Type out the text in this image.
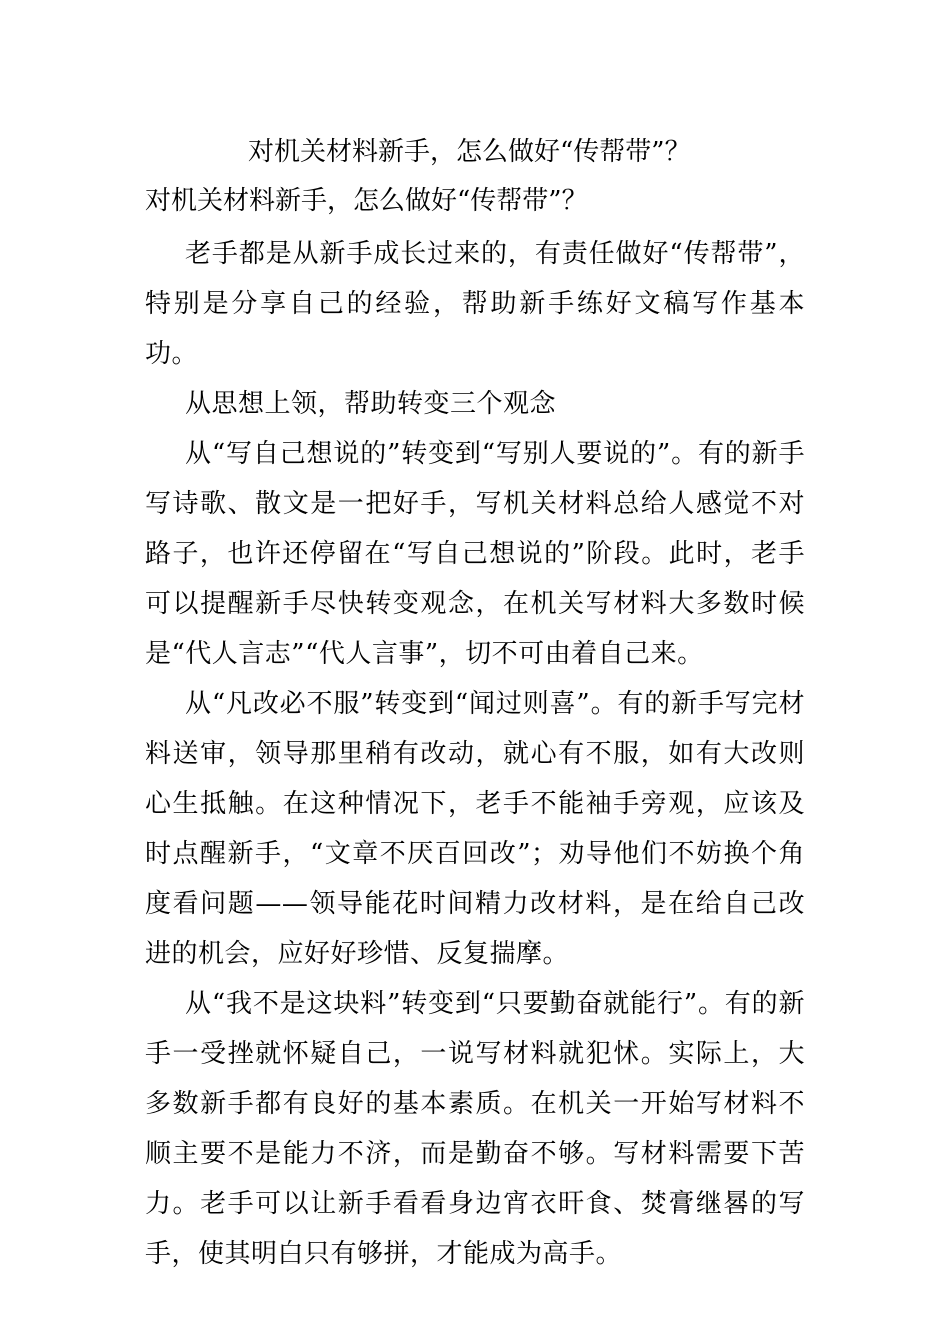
对机关材料新手，怎么做好“传帮带”？
对机关材料新手，怎么做好“传帮带”？

老手都是从新手成长过来的，有责任做好“传帮带”，特别是分享自己的经验，帮助新手练好文稿写作基本功。

从思想上领，帮助转变三个观念

从“写自己想说的”转变到“写别人要说的”。有的新手写诗歌、散文是一把好手，写机关材料总给人感觉不对路子，也许还停留在“写自己想说的”阶段。此时，老手可以提醒新手尽快转变观念，在机关写材料大多数时候是“代人言志”“代人言事”，切不可由着自己来。

从“凡改必不服”转变到“闻过则喜”。有的新手写完材料送审，领导那里稍有改动，就心有不服，如有大改则心生抵触。在这种情况下，老手不能袖手旁观，应该及时点醒新手，“文章不厌百回改”；劝导他们不妨换个角度看问题——领导能花时间精力改材料，是在给自己改进的机会，应好好珍惜、反复揣摩。

从“我不是这块料”转变到“只要勤奋就能行”。有的新手一受挫就怀疑自己，一说写材料就犯怵。实际上，大多数新手都有良好的基本素质。在机关一开始写材料不顺主要不是能力不济，而是勤奋不够。写材料需要下苦力。老手可以让新手看看身边宵衣旰食、焚膏继晷的写手，使其明白只有够拼，才能成为高手。
